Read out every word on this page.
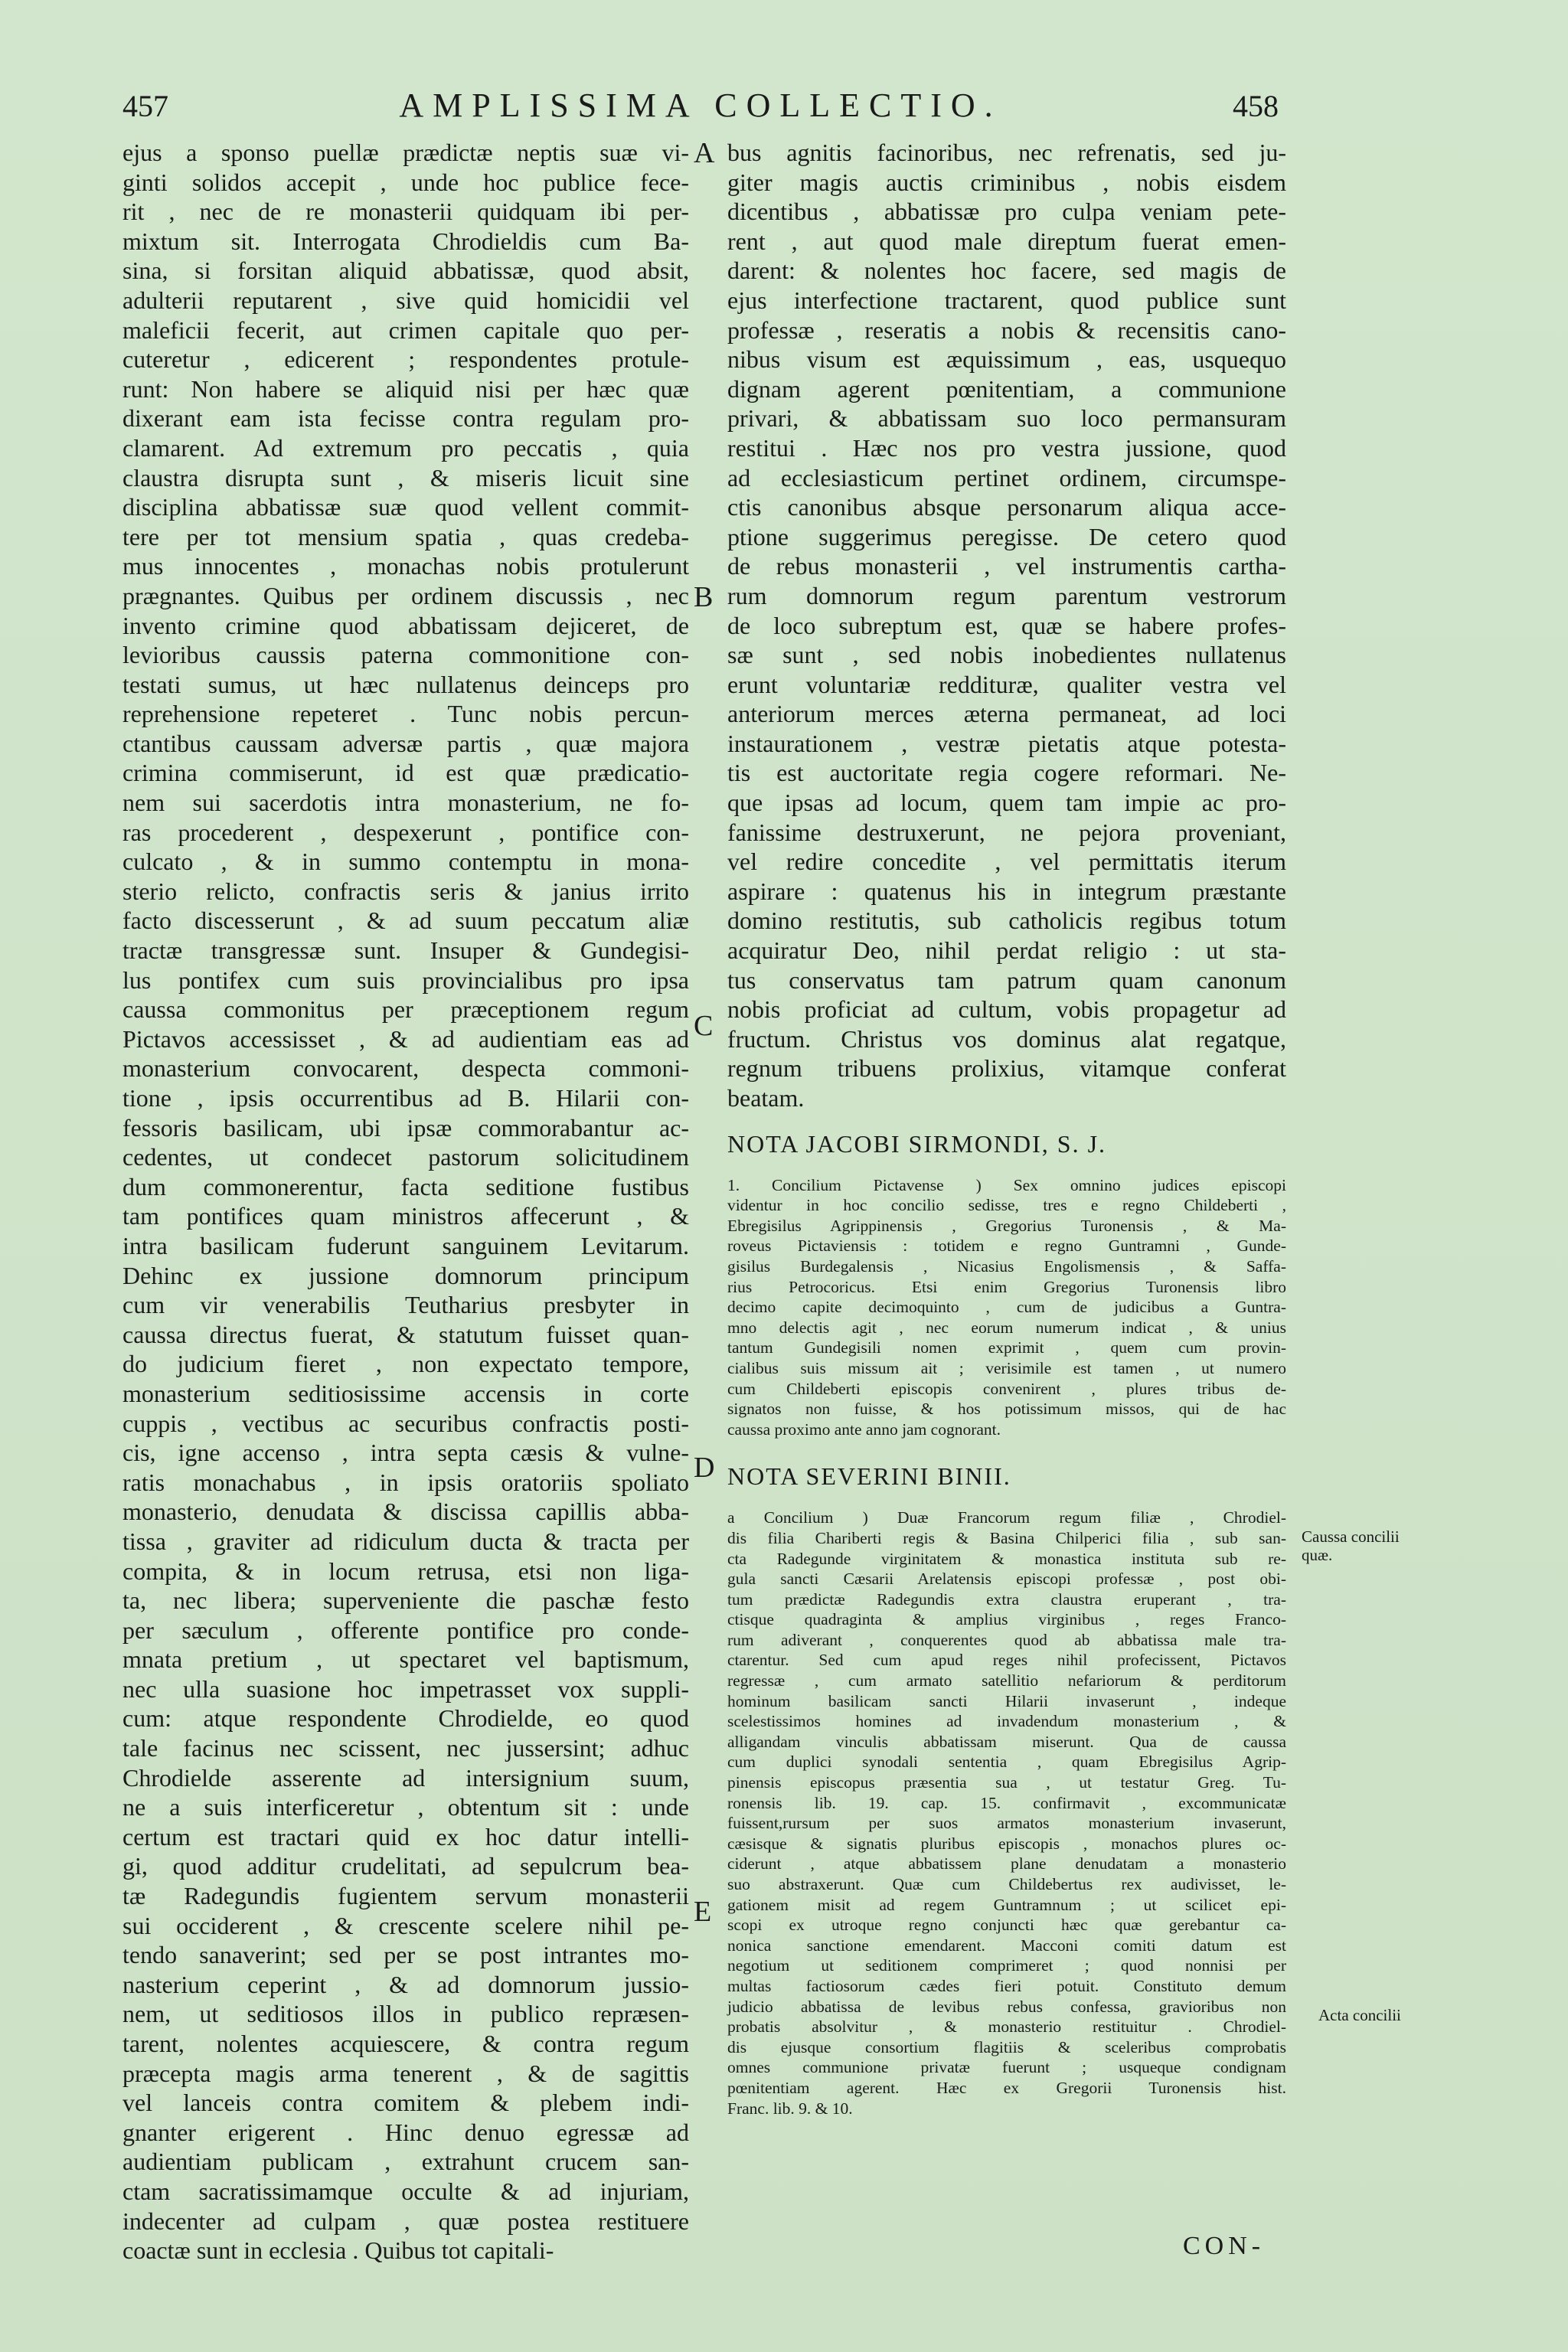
457	AMPLISSIMA COLLECTIO.	458
ejus a sponso puellæ prædictæ neptis suæ vi-
ginti solidos accepit , unde hoc publice fece-
rit , nec de re monasterii quidquam ibi per-
mixtum sit. Interrogata Chrodieldis cum Ba-
sina, si forsitan aliquid abbatissæ, quod absit,
adulterii reputarent , sive quid homicidii vel
maleficii fecerit, aut crimen capitale quo per-
cuteretur , edicerent ; respondentes protule-
runt: Non habere se aliquid nisi per hæc quæ
dixerant eam ista fecisse contra regulam pro-
clamarent. Ad extremum pro peccatis , quia
claustra disrupta sunt , & miseris licuit sine
disciplina abbatissæ suæ quod vellent commit-
tere per tot mensium spatia , quas credeba-
mus innocentes , monachas nobis protulerunt
prægnantes. Quibus per ordinem discussis , nec
invento crimine quod abbatissam dejiceret, de
levioribus caussis paterna commonitione con-
testati sumus, ut hæc nullatenus deinceps pro
reprehensione repeteret . Tunc nobis percun-
ctantibus caussam adversæ partis , quæ majora
crimina commiserunt, id est quæ prædicatio-
nem sui sacerdotis intra monasterium, ne fo-
ras procederent , despexerunt , pontifice con-
culcato , & in summo contemptu in mona-
sterio relicto, confractis seris & janius irrito
facto discesserunt , & ad suum peccatum aliæ
tractæ transgressæ sunt. Insuper & Gundegisi-
lus pontifex cum suis provincialibus pro ipsa
caussa commonitus per præceptionem regum
Pictavos accessisset , & ad audientiam eas ad
monasterium convocarent, despecta commoni-
tione , ipsis occurrentibus ad B. Hilarii con-
fessoris basilicam, ubi ipsæ commorabantur ac-
cedentes, ut condecet pastorum solicitudinem
dum commonerentur, facta seditione fustibus
tam pontifices quam ministros affecerunt , &
intra basilicam fuderunt sanguinem Levitarum.
Dehinc ex jussione domnorum principum
cum vir venerabilis Teutharius presbyter in
caussa directus fuerat, & statutum fuisset quan-
do judicium fieret , non expectato tempore,
monasterium seditiosissime accensis in corte
cuppis , vectibus ac securibus confractis posti-
cis, igne accenso , intra septa cæsis & vulne-
ratis monachabus , in ipsis oratoriis spoliato
monasterio, denudata & discissa capillis abba-
tissa , graviter ad ridiculum ducta & tracta per
compita, & in locum retrusa, etsi non liga-
ta, nec libera; superveniente die paschæ festo
per sæculum , offerente pontifice pro conde-
mnata pretium , ut spectaret vel baptismum,
nec ulla suasione hoc impetrasset vox suppli-
cum: atque respondente Chrodielde, eo quod
tale facinus nec scissent, nec jussersint; adhuc
Chrodielde asserente ad intersignium suum,
ne a suis interficeretur , obtentum sit : unde
certum est tractari quid ex hoc datur intelli-
gi, quod additur crudelitati, ad sepulcrum bea-
tæ Radegundis fugientem servum monasterii
sui occiderent , & crescente scelere nihil pe-
tendo sanaverint; sed per se post intrantes mo-
nasterium ceperint , & ad domnorum jussio-
nem, ut seditiosos illos in publico repræsen-
tarent, nolentes acquiescere, & contra regum
præcepta magis arma tenerent , & de sagittis
vel lanceis contra comitem & plebem indi-
gnanter erigerent . Hinc denuo egressæ ad
audientiam publicam , extrahunt crucem san-
ctam sacratissimamque occulte & ad injuriam,
indecenter ad culpam , quæ postea restituere
coactæ sunt in ecclesia . Quibus tot capitali-
bus agnitis facinoribus, nec refrenatis, sed ju-
giter magis auctis criminibus , nobis eisdem
dicentibus , abbatissæ pro culpa veniam pete-
rent , aut quod male direptum fuerat emen-
darent: & nolentes hoc facere, sed magis de
ejus interfectione tractarent, quod publice sunt
professæ , reseratis a nobis & recensitis cano-
nibus visum est æquissimum , eas, usquequo
dignam agerent pœnitentiam, a communione
privari, & abbatissam suo loco permansuram
restitui . Hæc nos pro vestra jussione, quod
ad ecclesiasticum pertinet ordinem, circumspe-
ctis canonibus absque personarum aliqua acce-
ptione suggerimus peregisse. De cetero quod
de rebus monasterii , vel instrumentis cartha-
rum domnorum regum parentum vestrorum
de loco subreptum est, quæ se habere profes-
sæ sunt , sed nobis inobedientes nullatenus
erunt voluntariæ reddituræ, qualiter vestra vel
anteriorum merces æterna permaneat, ad loci
instaurationem , vestræ pietatis atque potesta-
tis est auctoritate regia cogere reformari. Ne-
que ipsas ad locum, quem tam impie ac pro-
fanissime destruxerunt, ne pejora proveniant,
vel redire concedite , vel permittatis iterum
aspirare : quatenus his in integrum præstante
domino restitutis, sub catholicis regibus totum
acquiratur Deo, nihil perdat religio : ut sta-
tus conservatus tam patrum quam canonum
nobis proficiat ad cultum, vobis propagetur ad
fructum. Christus vos dominus alat regatque,
regnum tribuens prolixius, vitamque conferat
beatam.
NOTA JACOBI SIRMONDI, S. J.
1. Concilium Pictavense ) Sex omnino judices episcopi
videntur in hoc concilio sedisse, tres e regno Childeberti ,
Ebregisilus Agrippinensis , Gregorius Turonensis , & Ma-
roveus Pictaviensis : totidem e regno Guntramni , Gunde-
gisilus Burdegalensis , Nicasius Engolismensis , & Saffa-
rius Petrocoricus. Etsi enim Gregorius Turonensis libro
decimo capite decimoquinto , cum de judicibus a Guntra-
mno delectis agit , nec eorum numerum indicat , & unius
tantum Gundegisili nomen exprimit , quem cum provin-
cialibus suis missum ait ; verisimile est tamen , ut numero
cum Childeberti episcopis convenirent , plures tribus de-
signatos non fuisse, & hos potissimum missos, qui de hac
caussa proximo ante anno jam cognorant.
NOTA SEVERINI BINII.
a Concilium ) Duæ Francorum regum filiæ , Chrodiel-
dis filia Chariberti regis & Basina Chilperici filia , sub san-
cta Radegunde virginitatem & monastica instituta sub re-
gula sancti Cæsarii Arelatensis episcopi professæ , post obi-
tum prædictæ Radegundis extra claustra eruperant , tra-
ctisque quadraginta & amplius virginibus , reges Franco-
rum adiverant , conquerentes quod ab abbatissa male tra-
ctarentur. Sed cum apud reges nihil profecissent, Pictavos
regressæ , cum armato satellitio nefariorum & perditorum
hominum basilicam sancti Hilarii invaserunt , indeque
scelestissimos homines ad invadendum monasterium , &
alligandam vinculis abbatissam miserunt. Qua de caussa
cum duplici synodali sententia , quam Ebregisilus Agrip-
pinensis episcopus præsentia sua , ut testatur Greg. Tu-
ronensis lib. 19. cap. 15. confirmavit , excommunicatæ
fuissent,rursum per suos armatos monasterium invaserunt,
cæsisque & signatis pluribus episcopis , monachos plures oc-
ciderunt , atque abbatissem plane denudatam a monasterio
suo abstraxerunt. Quæ cum Childebertus rex audivisset, le-
gationem misit ad regem Guntramnum ; ut scilicet epi-
scopi ex utroque regno conjuncti hæc quæ gerebantur ca-
nonica sanctione emendarent. Macconi comiti datum est
negotium ut seditionem comprimeret ; quod nonnisi per
multas factiosorum cædes fieri potuit. Constituto demum
judicio abbatissa de levibus rebus confessa, gravioribus non
probatis absolvitur , & monasterio restituitur . Chrodiel-
dis ejusque consortium flagitiis & sceleribus comprobatis
omnes communione privatæ fuerunt ; usqueque condignam
pœnitentiam agerent. Hæc ex Gregorii Turonensis hist.
Franc. lib. 9. & 10.
A
B
C
D
E
Caussa concilii quæ.
Acta concilii
CON-
